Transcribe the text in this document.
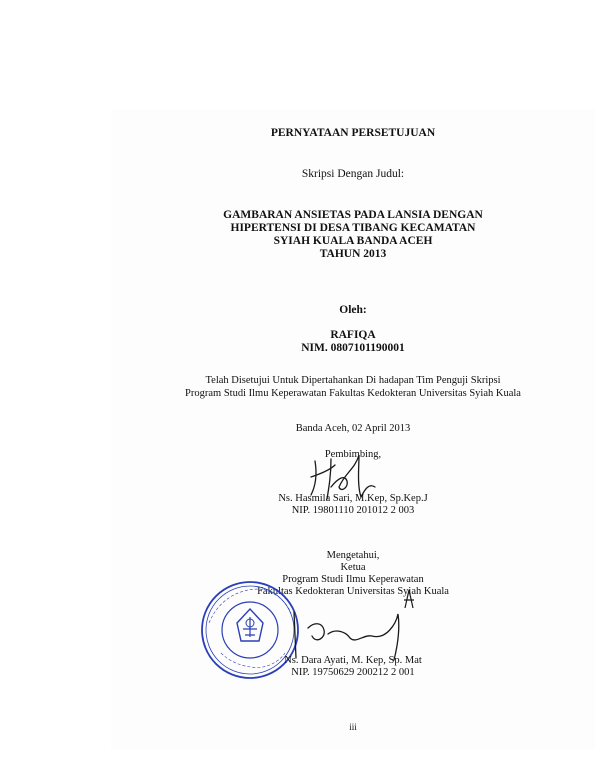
PERNYATAAN PERSETUJUAN
Skripsi Dengan Judul:
GAMBARAN ANSIETAS PADA LANSIA DENGAN
HIPERTENSI DI DESA TIBANG KECAMATAN
SYIAH KUALA BANDA ACEH
TAHUN 2013
Oleh:
RAFIQA
NIM. 0807101190001
Telah Disetujui Untuk Dipertahankan Di hadapan Tim Penguji Skripsi
Program Studi Ilmu Keperawatan Fakultas Kedokteran Universitas Syiah Kuala
Banda Aceh, 02 April 2013
Pembimbing,
Ns. Hasmila Sari, M.Kep, Sp.Kep.J
NIP. 19801110 201012 2 003
Mengetahui,
Ketua
Program Studi Ilmu Keperawatan
Fakultas Kedokteran Universitas Syiah Kuala
Ns. Dara Ayati, M. Kep, Sp. Mat
NIP. 19750629 200212 2 001
iii
